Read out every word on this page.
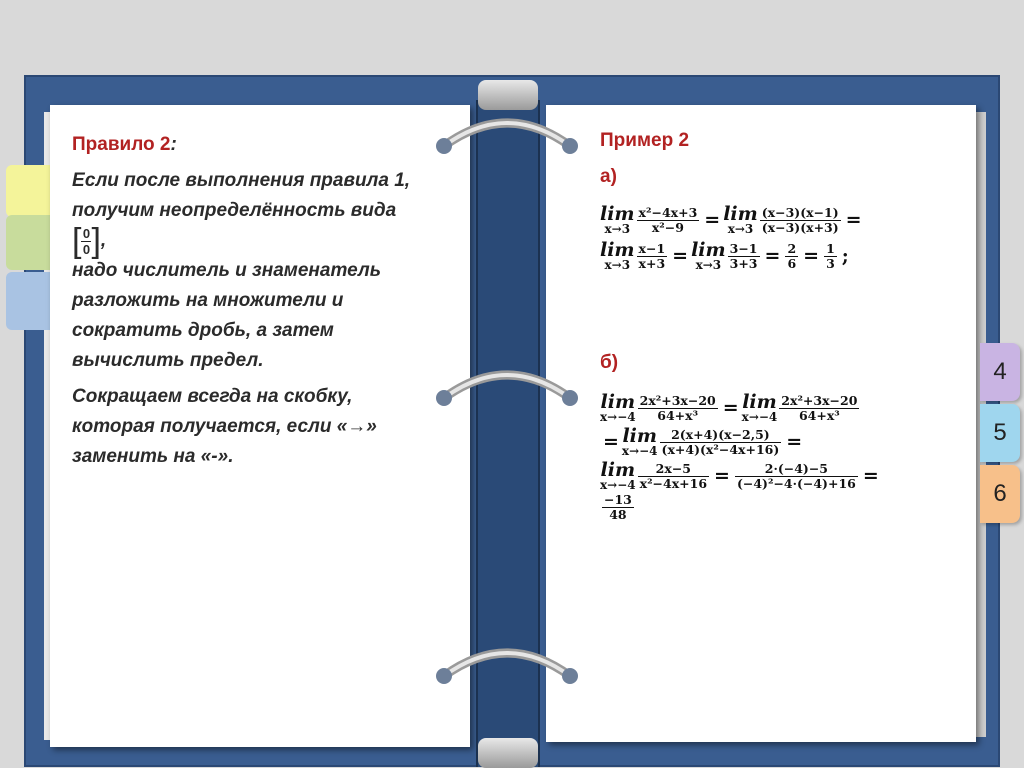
4
5
6

Правило 2:

Если после выполнения правила 1, получим неопределённость вида
[ 0
0 ] ,

надо числитель и знаменатель разложить на множители и сократить дробь, а затем вычислить предел.

Сокращаем всегда на скобку, которая получается, если «→» заменить на «-».

Пример 2
а)
б)
lim
$x\to 3 \frac{\text{x²−4x+3}}{\text{x²−9}} = \lim$
$x\to 3 \frac{(x-3)(x-1)}{(x-3)(x+3)}$ =
lim
$x\to 3 \frac{x-1}{x+3} = \lim$
$x\to 3 \frac{3-1}{3+3} = \frac{2}{6} = \frac{1}{3}$ ;
lim
$x\to-4 \frac{\text{2x²+3x−20}}{\text{64+x³}} = \lim$
$x\to-4 \frac{\text{2x²+3x−20}}{\text{64+x³}}$
= lim
$x\to-4 \frac{2(x+4)(x-2,5)}{\text{(x+4)(x²−4x+16)}}$ =
lim
$x\to-4 \frac{2x-5}{\text{x²−4x+16}} = \frac{2\cdot(-4)-5}{\text{(−4)²−4·(−4)+16}}$ =
$\frac{-13}{48}$
